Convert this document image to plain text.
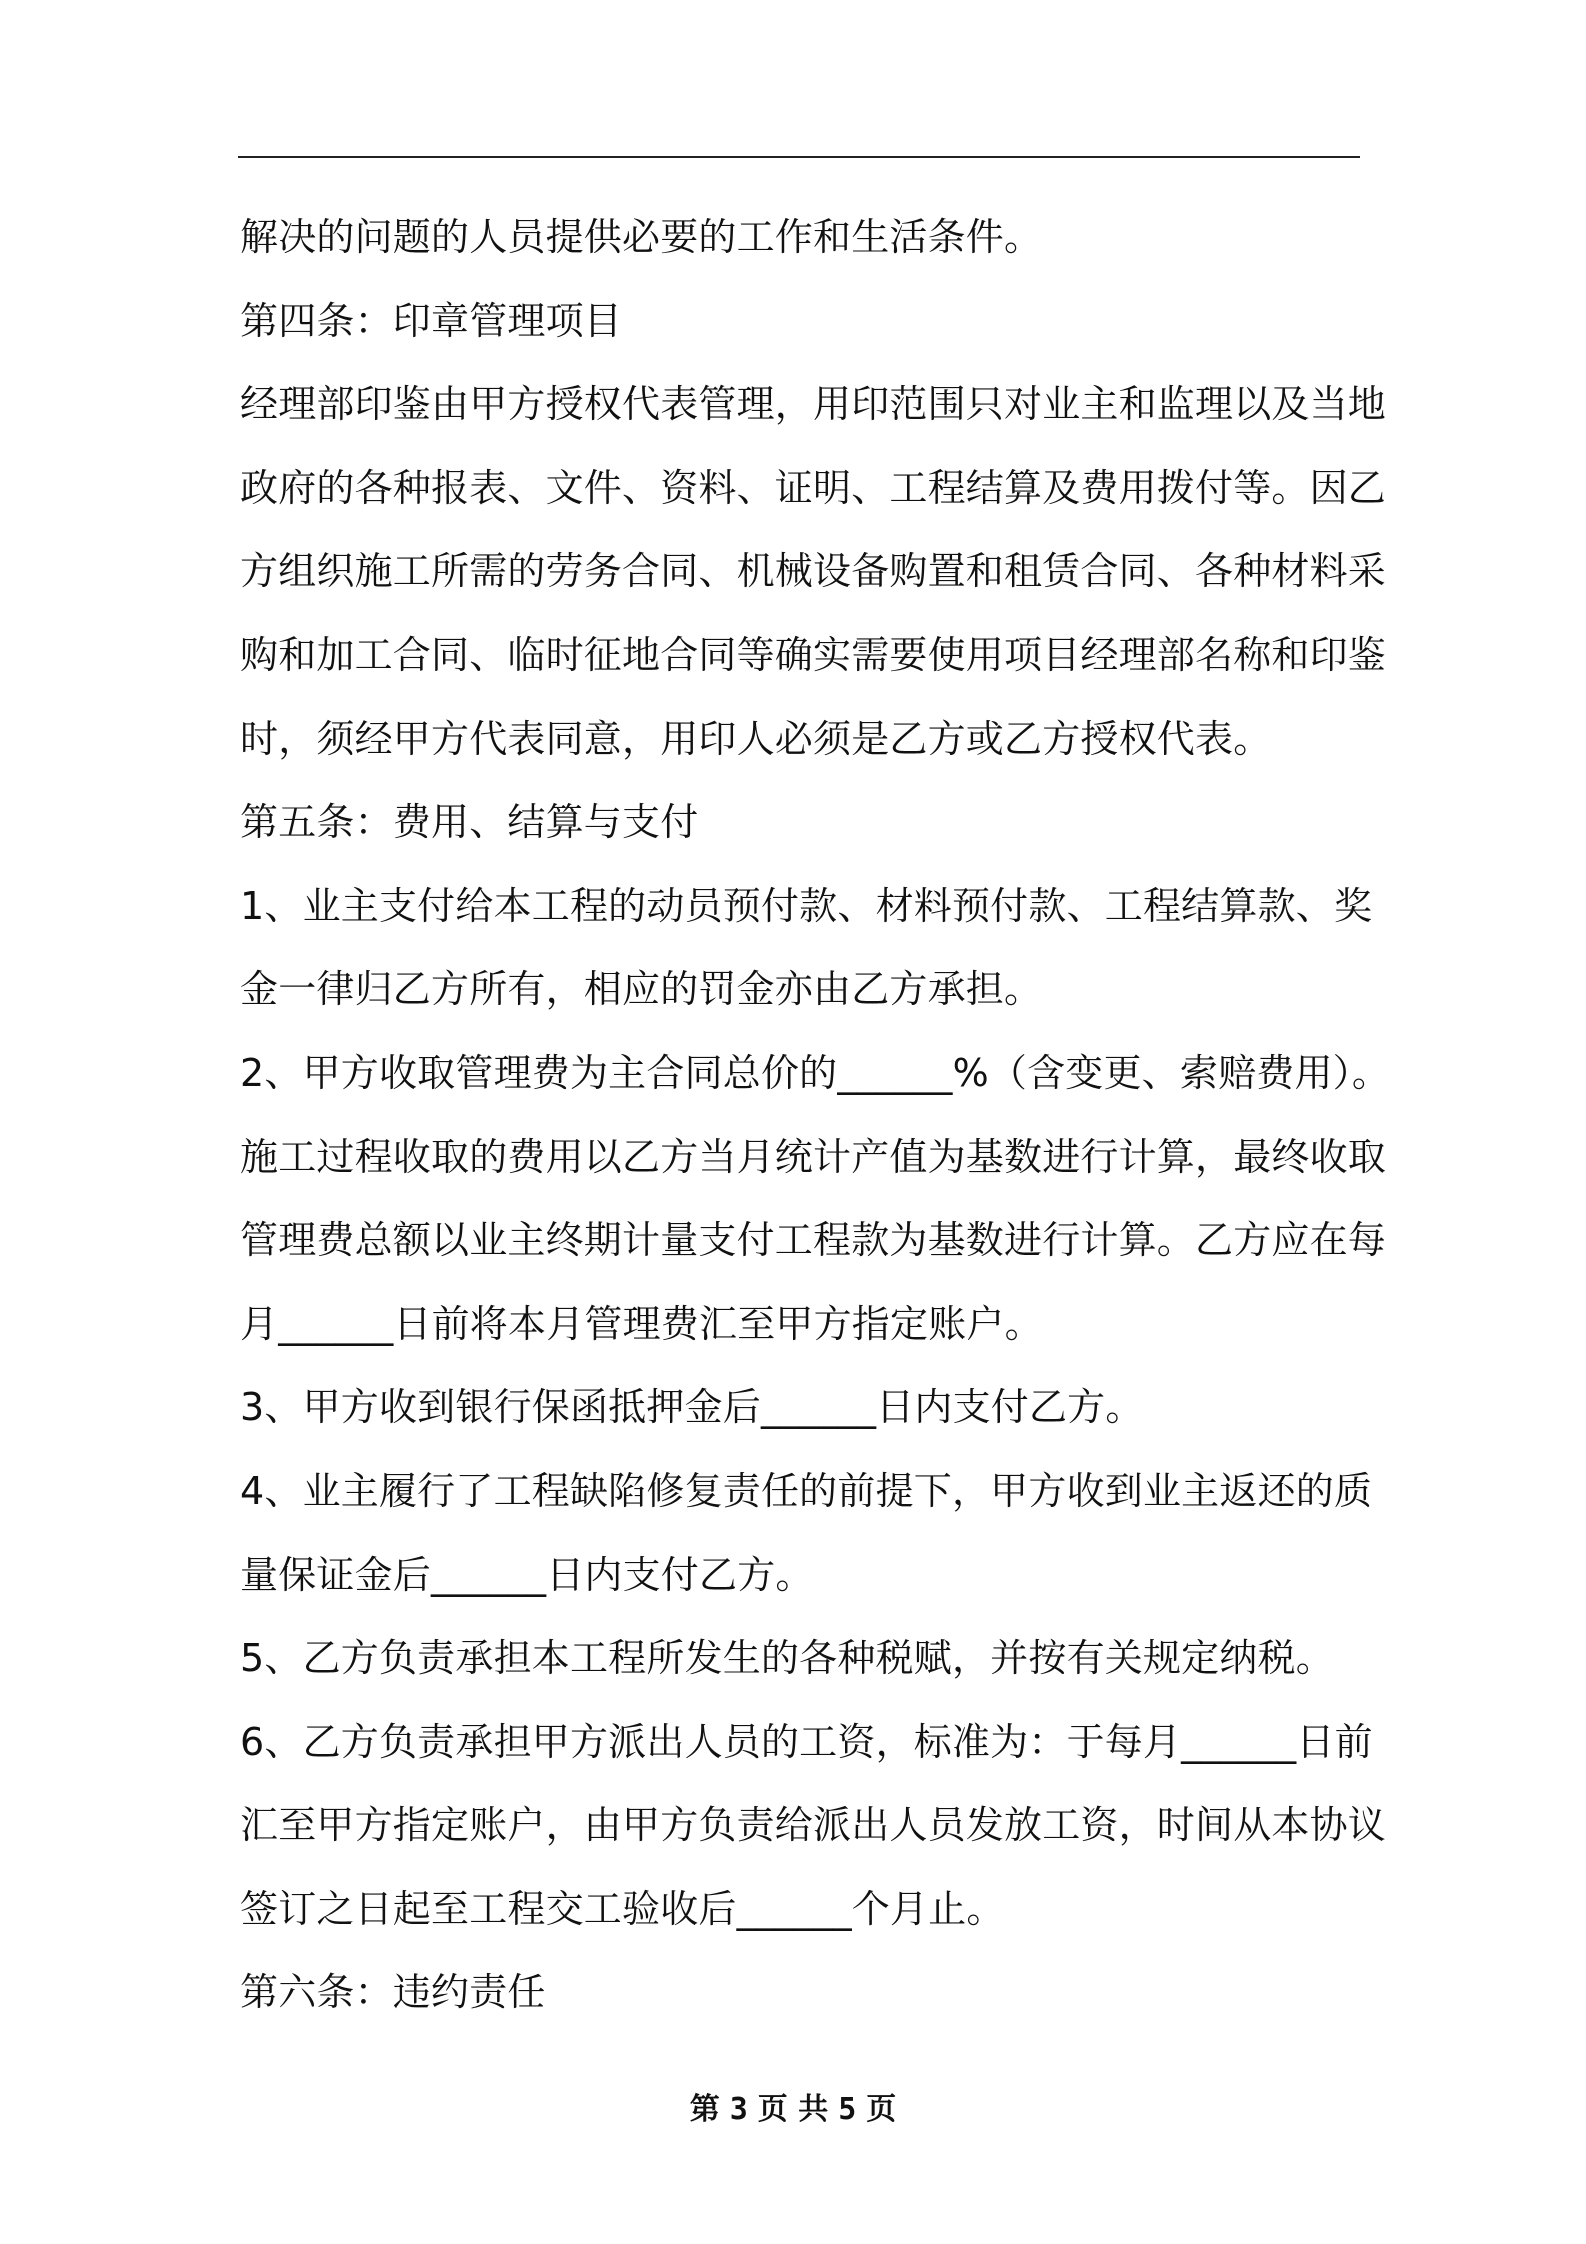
解决的问题的人员提供必要的工作和生活条件。
第四条：印章管理项目
经理部印鉴由甲方授权代表管理，用印范围只对业主和监理以及当地
政府的各种报表、文件、资料、证明、工程结算及费用拨付等。因乙
方组织施工所需的劳务合同、机械设备购置和租赁合同、各种材料采
购和加工合同、临时征地合同等确实需要使用项目经理部名称和印鉴
时，须经甲方代表同意，用印人必须是乙方或乙方授权代表。
第五条：费用、结算与支付
1、业主支付给本工程的动员预付款、材料预付款、工程结算款、奖
金一律归乙方所有，相应的罚金亦由乙方承担。
2、甲方收取管理费为主合同总价的______%（含变更、索赔费用）。
施工过程收取的费用以乙方当月统计产值为基数进行计算，最终收取
管理费总额以业主终期计量支付工程款为基数进行计算。乙方应在每
月______日前将本月管理费汇至甲方指定账户。
3、甲方收到银行保函抵押金后______日内支付乙方。
4、业主履行了工程缺陷修复责任的前提下，甲方收到业主返还的质
量保证金后______日内支付乙方。
5、乙方负责承担本工程所发生的各种税赋，并按有关规定纳税。
6、乙方负责承担甲方派出人员的工资，标准为：于每月______日前
汇至甲方指定账户，由甲方负责给派出人员发放工资，时间从本协议
签订之日起至工程交工验收后______个月止。
第六条：违约责任
第 3 页 共 5 页
